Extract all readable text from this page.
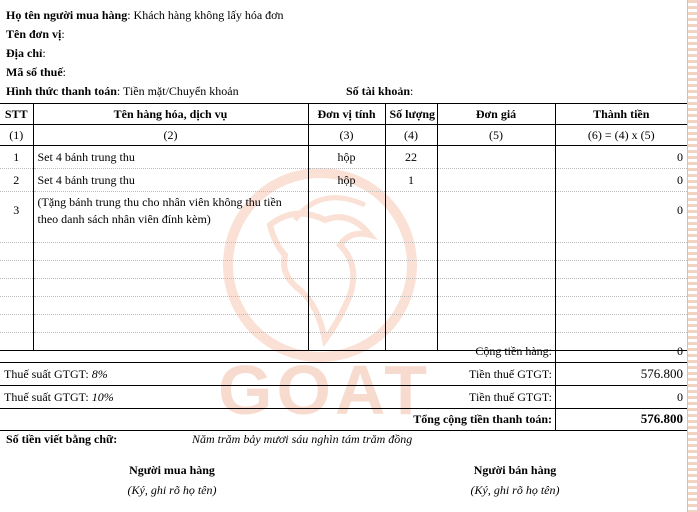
GOAT
Họ tên người mua hàng: Khách hàng không lấy hóa đơn
Tên đơn vị:
Địa chỉ:
Mã số thuế:
Hình thức thanh toán: Tiền mặt/Chuyển khoản	Số tài khoản:
STT	Tên hàng hóa, dịch vụ	Đơn vị tính	Số lượng	Đơn giá	Thành tiền
(1)	(2)	(3)	(4)	(5)	(6) = (4) x (5)
1	Set 4 bánh trung thu	hộp	22		0
2	Set 4 bánh trung thu	hộp	1		0
3	(Tặng bánh trung thu cho nhân viên không thu tiền theo danh sách nhân viên đính kèm)				0

Cộng tiền hàng:	0
Thuế suất GTGT: 8%	Tiền thuế GTGT:	576.800
Thuế suất GTGT: 10%	Tiền thuế GTGT:	0
Tổng cộng tiền thanh toán:	576.800
Số tiền viết bằng chữ:	Năm trăm bảy mươi sáu nghìn tám trăm đồng
Người mua hàng
(Ký, ghi rõ họ tên)
Người bán hàng
(Ký, ghi rõ họ tên)
